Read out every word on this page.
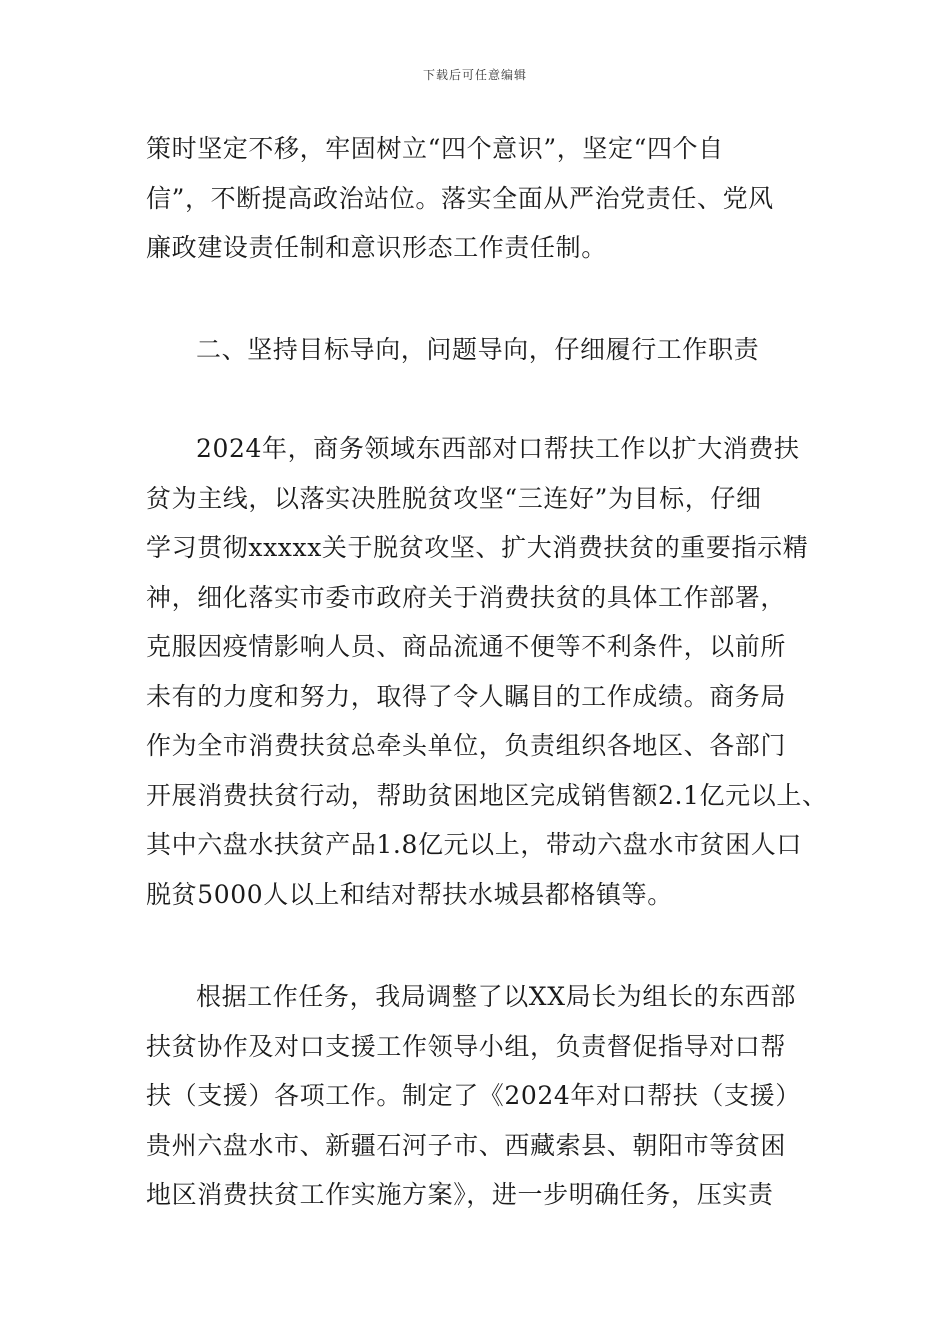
下载后可任意编辑
策时坚定不移，牢固树立“四个意识”，坚定“四个自
信”，不断提高政治站位。落实全面从严治党责任、党风
廉政建设责任制和意识形态工作责任制。
二、坚持目标导向，问题导向，仔细履行工作职责
2024年，商务领域东西部对口帮扶工作以扩大消费扶
贫为主线，以落实决胜脱贫攻坚“三连好”为目标，仔细
学习贯彻xxxxx关于脱贫攻坚、扩大消费扶贫的重要指示精
神，细化落实市委市政府关于消费扶贫的具体工作部署，
克服因疫情影响人员、商品流通不便等不利条件，以前所
未有的力度和努力，取得了令人瞩目的工作成绩。商务局
作为全市消费扶贫总牵头单位，负责组织各地区、各部门
开展消费扶贫行动，帮助贫困地区完成销售额2.1亿元以上、
其中六盘水扶贫产品1.8亿元以上，带动六盘水市贫困人口
脱贫5000人以上和结对帮扶水城县都格镇等。
根据工作任务，我局调整了以XX局长为组长的东西部
扶贫协作及对口支援工作领导小组，负责督促指导对口帮
扶（支援）各项工作。制定了《2024年对口帮扶（支援）
贵州六盘水市、新疆石河子市、西藏索县、朝阳市等贫困
地区消费扶贫工作实施方案》，进一步明确任务，压实责
